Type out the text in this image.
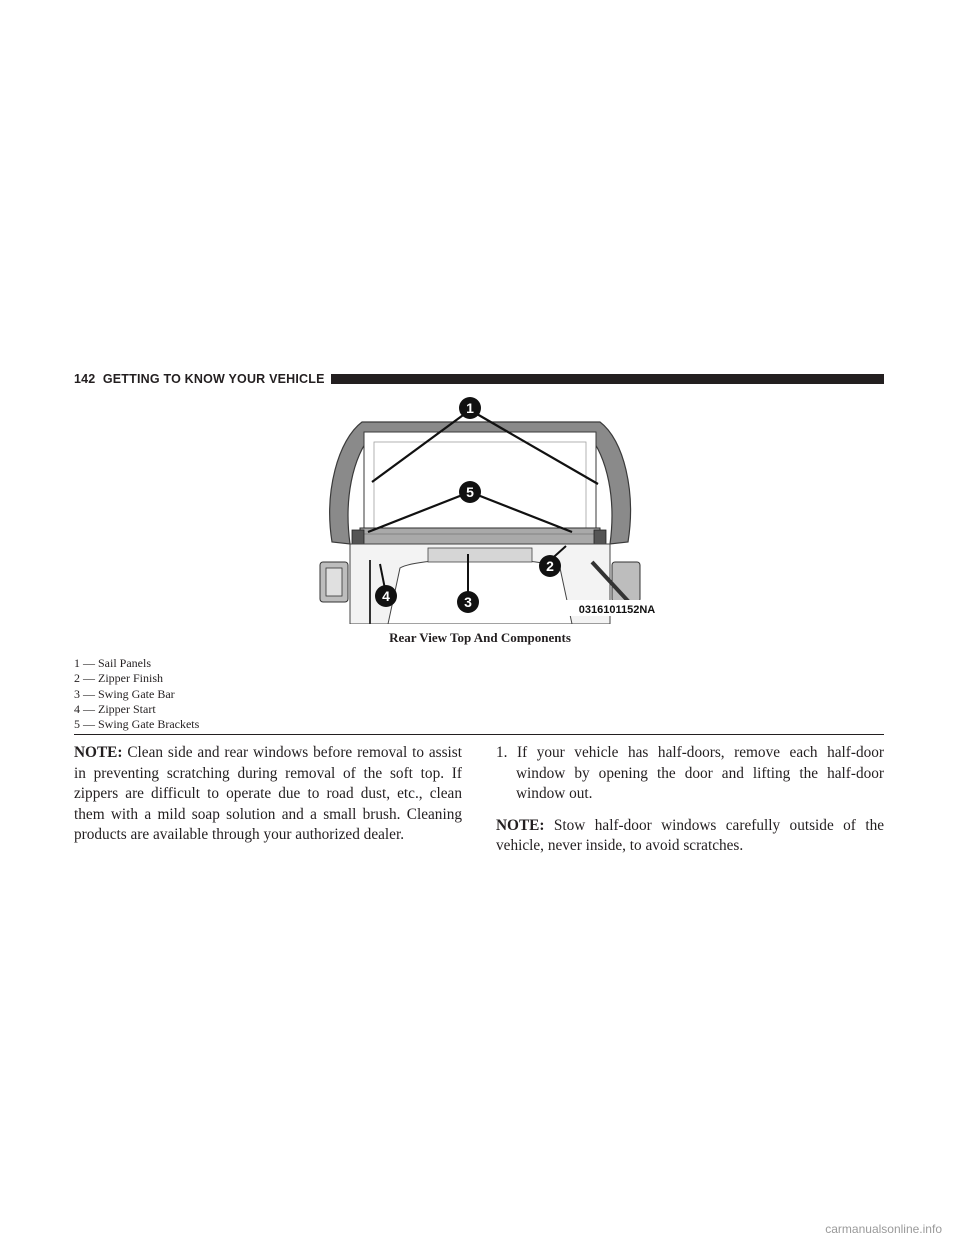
142 GETTING TO KNOW YOUR VEHICLE
1
5
2
4	3	0316101152NA
Rear View Top And Components
1 — Sail Panels
2 — Zipper Finish
3 — Swing Gate Bar
4 — Zipper Start
5 — Swing Gate Brackets

NOTE: Clean side and rear windows before removal to assist in preventing scratching during removal of the soft top. If zippers are difficult to operate due to road dust, etc., clean them with a mild soap solution and a small brush. Cleaning products are available through your authorized dealer.

1. If your vehicle has half-doors, remove each half-door window by opening the door and lifting the half-door window out.

NOTE: Stow half-door windows carefully outside of the vehicle, never inside, to avoid scratches.

carmanualsonline.info
